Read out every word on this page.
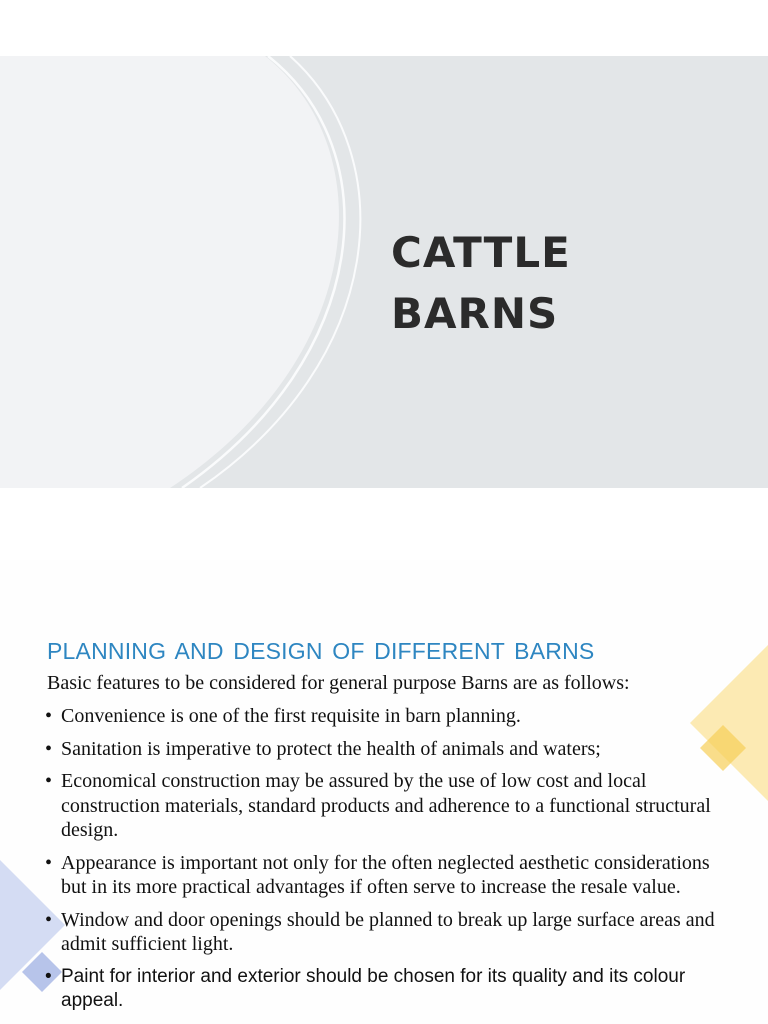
CATTLE
BARNS
PLANNING AND DESIGN OF DIFFERENT BARNS

Basic features to be considered for general purpose Barns are as follows:

• Convenience is one of the first requisite in barn planning.
• Sanitation is imperative to protect the health of animals and waters;
• Economical construction may be assured by the use of low cost and local construction materials, standard products and adherence to a functional structural design.
• Appearance is important not only for the often neglected aesthetic considerations but in its more practical advantages if often serve to increase the resale value.
• Window and door openings should be planned to break up large surface areas and admit sufficient light.
• Paint for interior and exterior should be chosen for its quality and its colour appeal.
